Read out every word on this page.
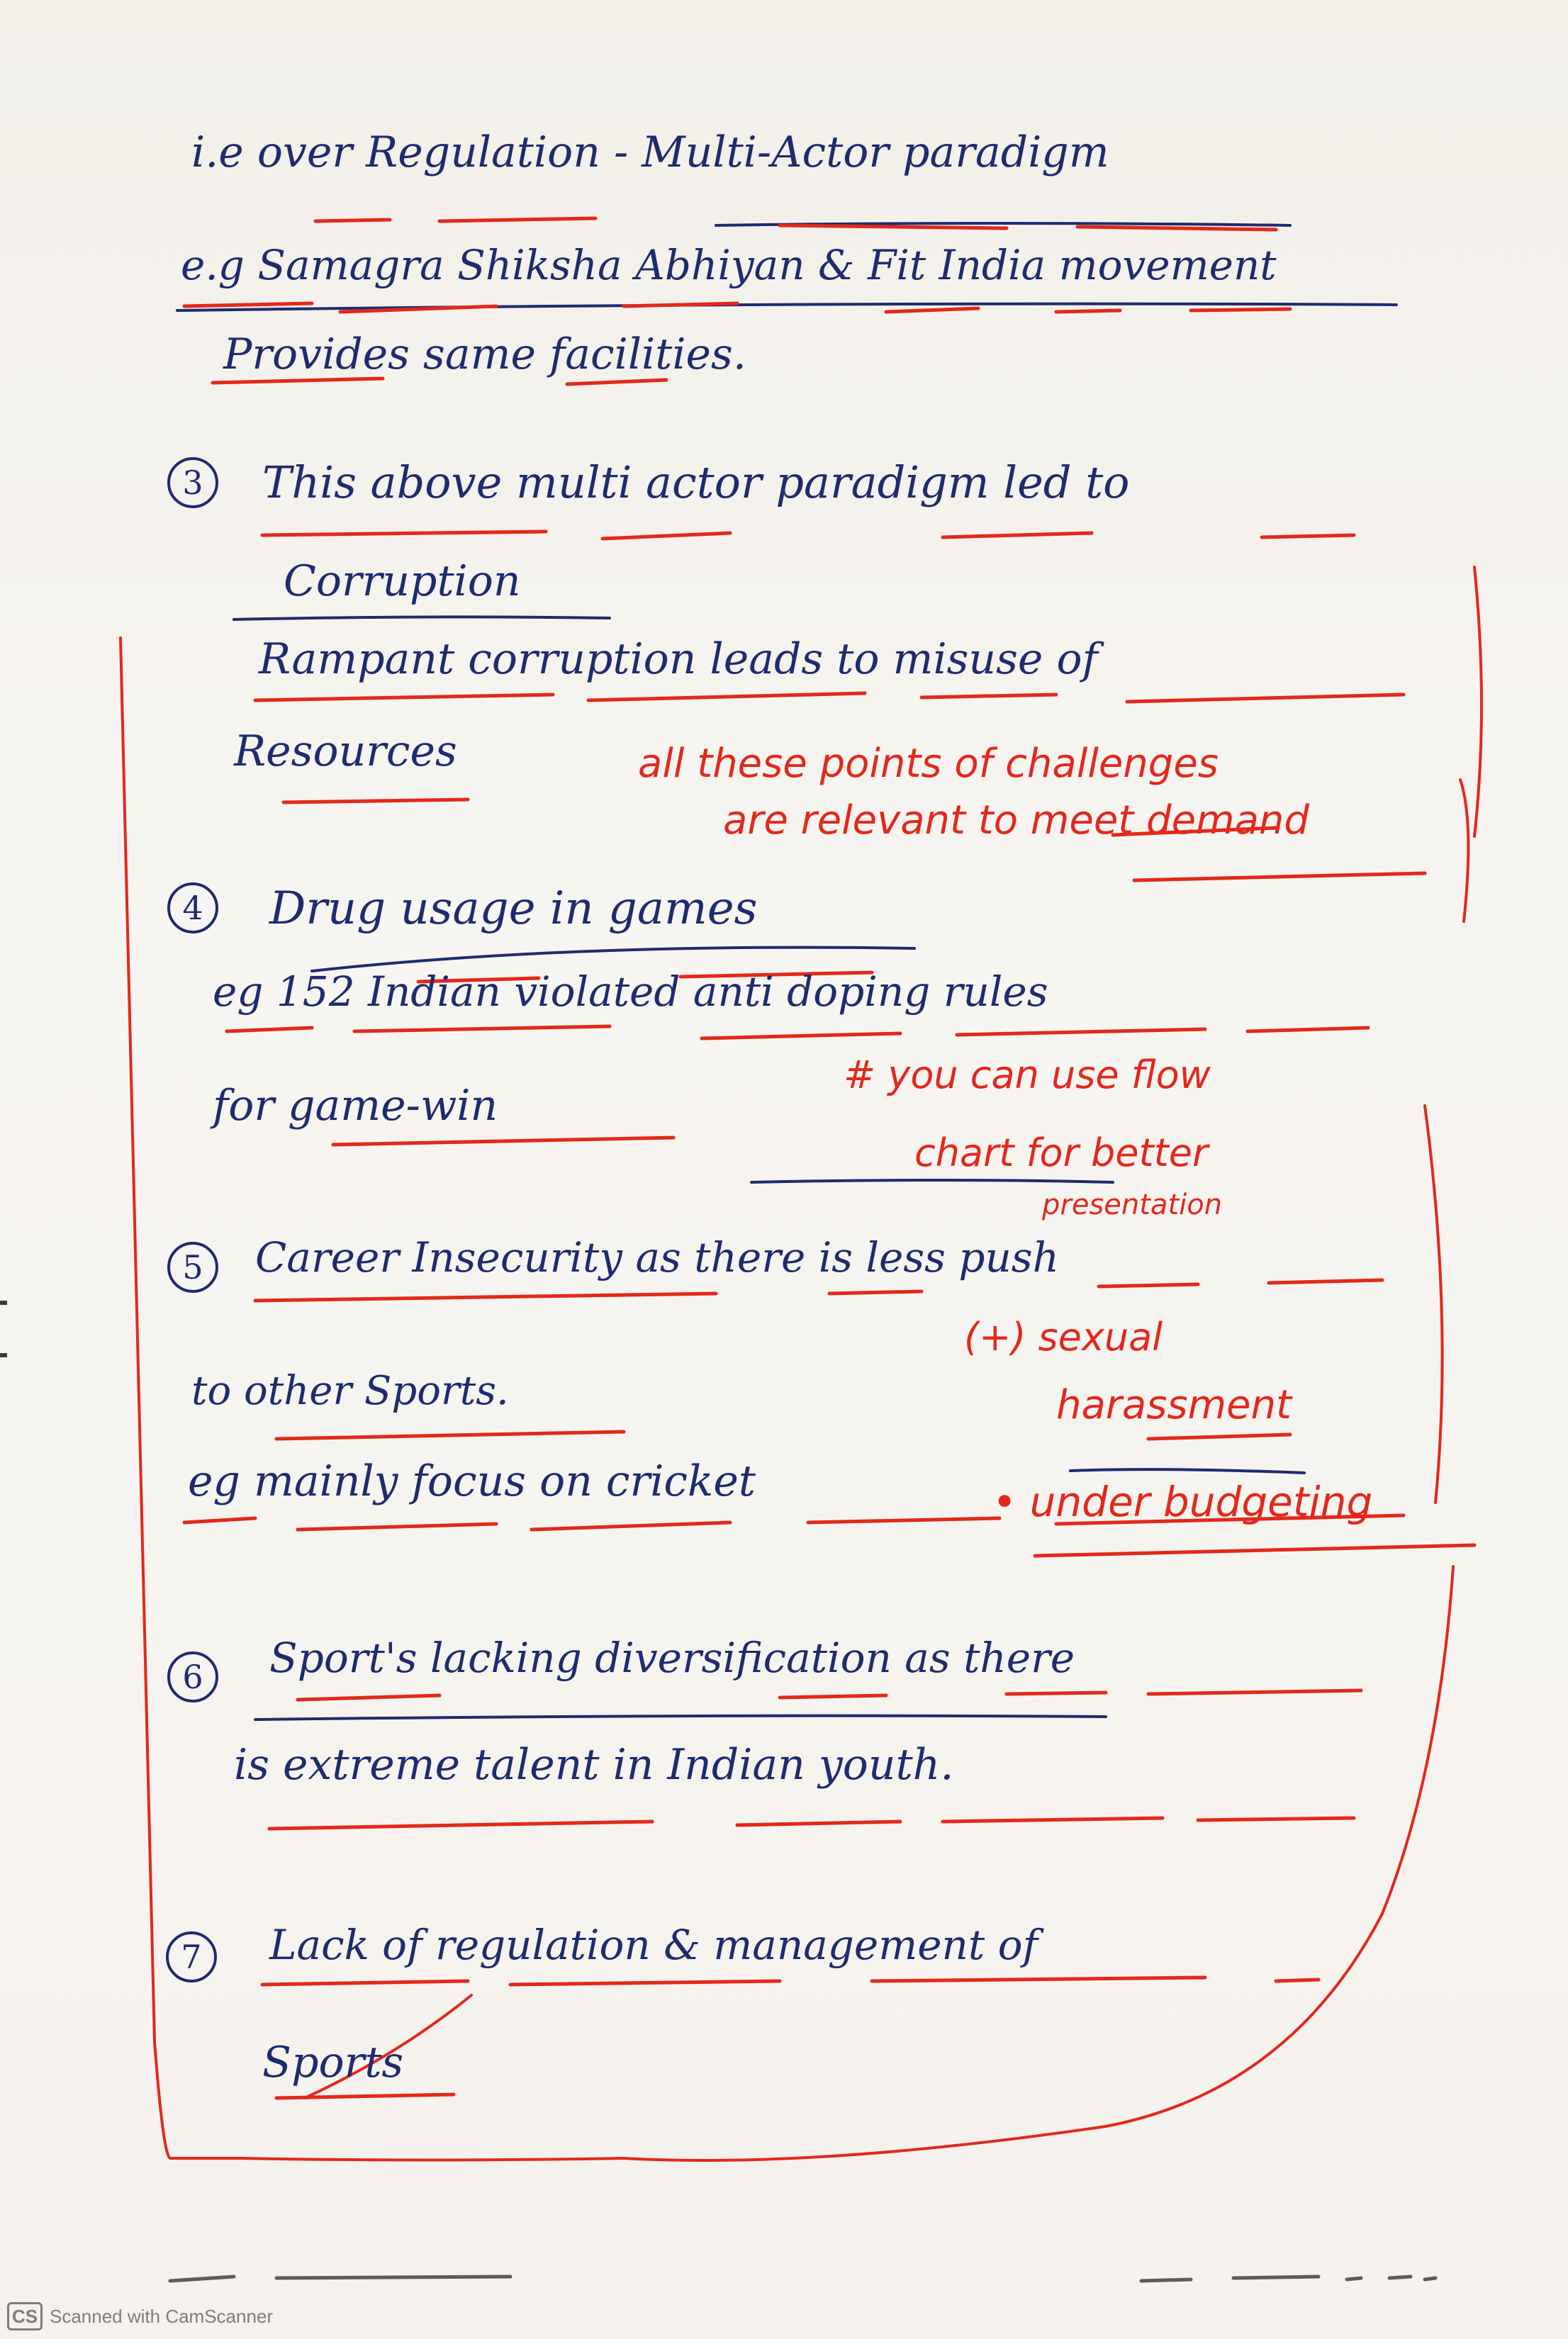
i.e over Regulation - Multi-Actor paradigm
e.g Samagra Shiksha Abhiyan & Fit India movement
Provides same facilities.
3	This above multi actor paradigm led to
Corruption
Rampant corruption leads to misuse of
Resources
4	Drug usage in games
eg 152 Indian violated anti doping rules
for game-win
5	Career Insecurity as there is less push
to other Sports.
eg mainly focus on cricket
6	Sport's lacking diversification as there
is extreme talent in Indian youth.
7	Lack of regulation & management of
Sports
all these points of challenges
are relevant to meet demand
# you can use flow
chart for better
presentation
(+) sexual
harassment
• under budgeting
CS Scanned with CamScanner
